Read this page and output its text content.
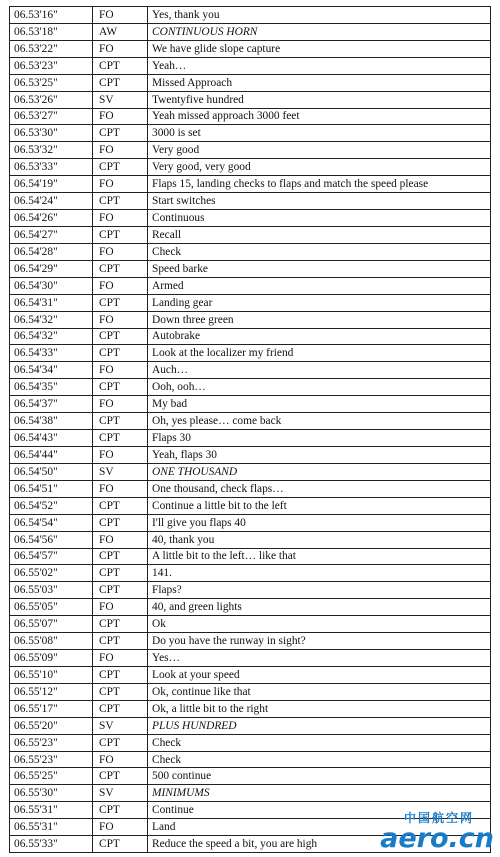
06.53'16"	FO	Yes, thank you
06.53'18"	AW	CONTINUOUS HORN
06.53'22"	FO	We have glide slope capture
06.53'23"	CPT	Yeah…
06.53'25"	CPT	Missed Approach
06.53'26"	SV	Twentyfive hundred
06.53'27"	FO	Yeah missed approach 3000 feet
06.53'30"	CPT	3000 is set
06.53'32"	FO	Very good
06.53'33"	CPT	Very good, very good
06.54'19"	FO	Flaps 15, landing checks to flaps and match the speed please
06.54'24"	CPT	Start switches
06.54'26"	FO	Continuous
06.54'27"	CPT	Recall
06.54'28"	FO	Check
06.54'29"	CPT	Speed barke
06.54'30"	FO	Armed
06.54'31"	CPT	Landing gear
06.54'32"	FO	Down three green
06.54'32"	CPT	Autobrake
06.54'33"	CPT	Look at the localizer my friend
06.54'34"	FO	Auch…
06.54'35"	CPT	Ooh, ooh…
06.54'37"	FO	My bad
06.54'38"	CPT	Oh, yes please… come back
06.54'43"	CPT	Flaps 30
06.54'44"	FO	Yeah, flaps 30
06.54'50"	SV	ONE THOUSAND
06.54'51"	FO	One thousand, check flaps…
06.54'52"	CPT	Continue a little bit to the left
06.54'54"	CPT	I'll give you flaps 40
06.54'56"	FO	40, thank you
06.54'57"	CPT	A little bit to the left… like that
06.55'02"	CPT	141.
06.55'03"	CPT	Flaps?
06.55'05"	FO	40, and green lights
06.55'07"	CPT	Ok
06.55'08"	CPT	Do you have the runway in sight?
06.55'09"	FO	Yes…
06.55'10"	CPT	Look at your speed
06.55'12"	CPT	Ok, continue like that
06.55'17"	CPT	Ok, a little bit to the right
06.55'20"	SV	PLUS HUNDRED
06.55'23"	CPT	Check
06.55'23"	FO	Check
06.55'25"	CPT	500 continue
06.55'30"	SV	MINIMUMS
06.55'31"	CPT	Continue
06.55'31"	FO	Land
06.55'33"	CPT	Reduce the speed a bit, you are high
中国航空网
aero.cn
